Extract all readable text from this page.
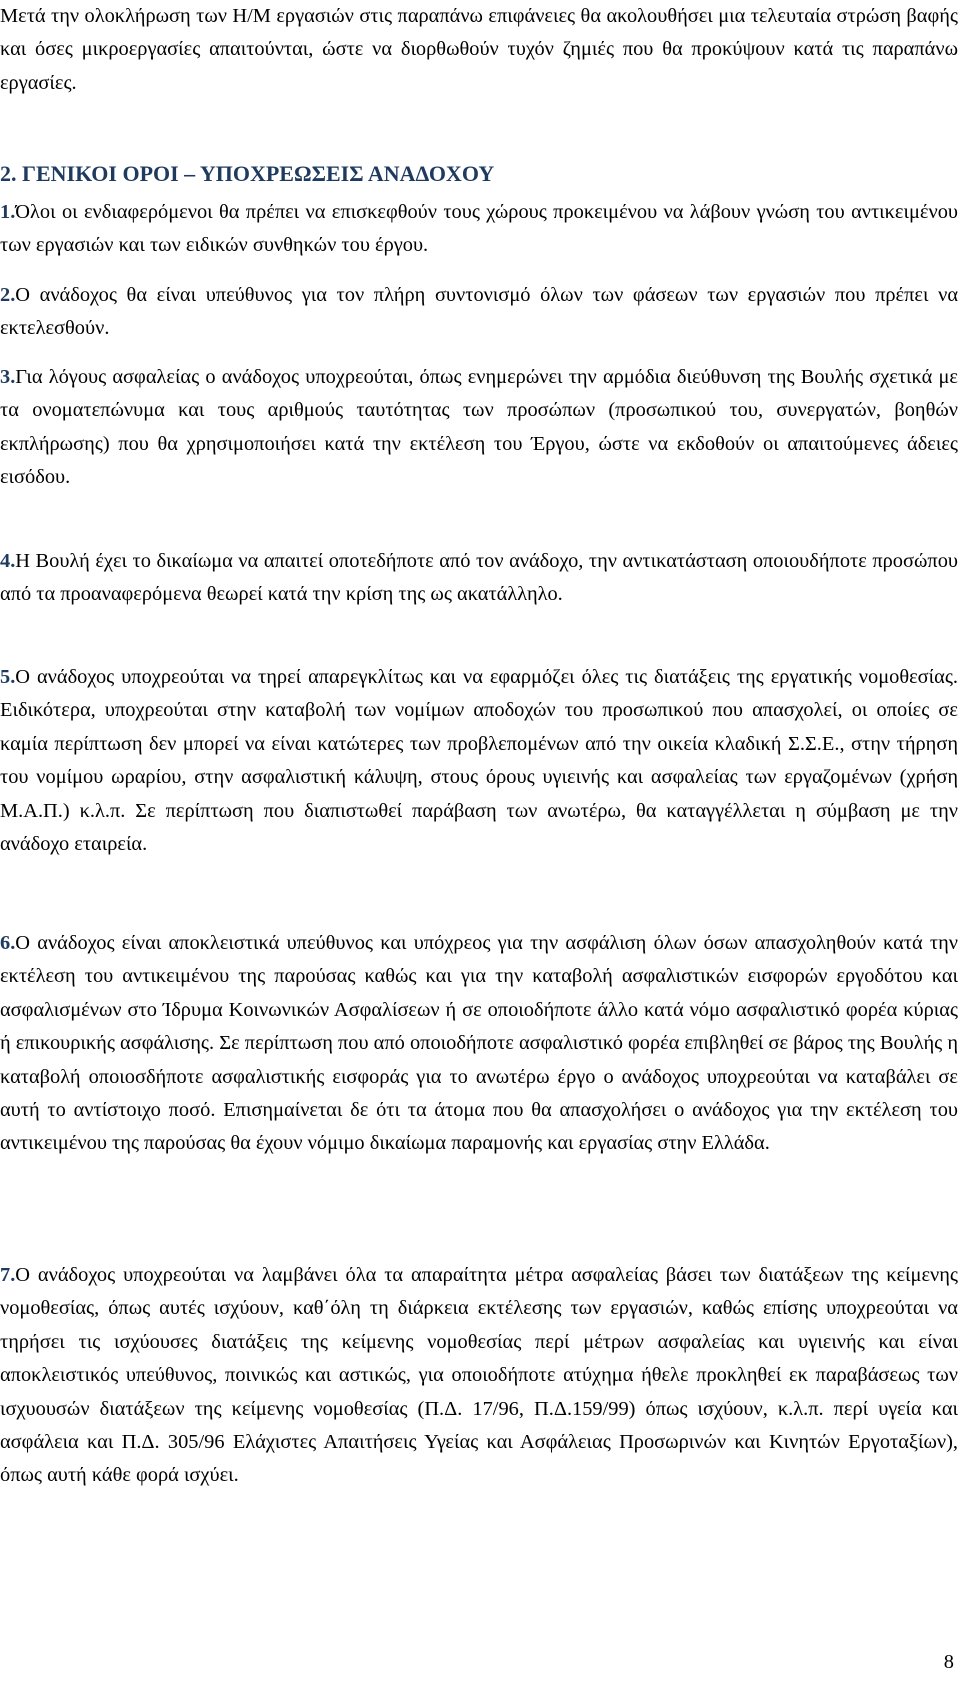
Μετά την ολοκλήρωση των Η/Μ εργασιών στις παραπάνω επιφάνειες θα ακολουθήσει μια τελευταία στρώση βαφής και όσες μικροεργασίες απαιτούνται, ώστε να διορθωθούν τυχόν ζημιές που θα προκύψουν κατά τις παραπάνω εργασίες.

2. ΓΕΝΙΚΟΙ ΟΡΟΙ – ΥΠΟΧΡΕΩΣΕΙΣ ΑΝΑΔΟΧΟΥ

1.Όλοι οι ενδιαφερόμενοι θα πρέπει να επισκεφθούν τους χώρους προκειμένου να λάβουν γνώση του αντικειμένου των εργασιών και των ειδικών συνθηκών του έργου.

2.Ο ανάδοχος θα είναι υπεύθυνος για τον πλήρη συντονισμό όλων των φάσεων των εργασιών που πρέπει να εκτελεσθούν.

3.Για λόγους ασφαλείας ο ανάδοχος υποχρεούται, όπως ενημερώνει την αρμόδια διεύθυνση της Βουλής σχετικά με τα ονοματεπώνυμα και τους αριθμούς ταυτότητας των προσώπων (προσωπικού του, συνεργατών, βοηθών εκπλήρωσης) που θα χρησιμοποιήσει κατά την εκτέλεση του Έργου, ώστε να εκδοθούν οι απαιτούμενες άδειες εισόδου.

4.Η Βουλή έχει το δικαίωμα να απαιτεί οποτεδήποτε από τον ανάδοχο, την αντικατάσταση οποιουδήποτε προσώπου από τα προαναφερόμενα θεωρεί κατά την κρίση της ως ακατάλληλο.

5.Ο ανάδοχος υποχρεούται να τηρεί απαρεγκλίτως και να εφαρμόζει όλες τις διατάξεις της εργατικής νομοθεσίας. Ειδικότερα, υποχρεούται στην καταβολή των νομίμων αποδοχών του προσωπικού που απασχολεί, οι οποίες σε καμία περίπτωση δεν μπορεί να είναι κατώτερες των προβλεπομένων από την οικεία κλαδική Σ.Σ.Ε., στην τήρηση του νομίμου ωραρίου, στην ασφαλιστική κάλυψη, στους όρους υγιεινής και ασφαλείας των εργαζομένων (χρήση Μ.Α.Π.) κ.λ.π. Σε περίπτωση που διαπιστωθεί παράβαση των ανωτέρω, θα καταγγέλλεται η σύμβαση με την ανάδοχο εταιρεία.

6.Ο ανάδοχος είναι αποκλειστικά υπεύθυνος και υπόχρεος για την ασφάλιση όλων όσων απασχοληθούν κατά την εκτέλεση του αντικειμένου της παρούσας καθώς και για την καταβολή ασφαλιστικών εισφορών εργοδότου και ασφαλισμένων στο Ίδρυμα Κοινωνικών Ασφαλίσεων ή σε οποιοδήποτε άλλο κατά νόμο ασφαλιστικό φορέα κύριας ή επικουρικής ασφάλισης. Σε περίπτωση που από οποιοδήποτε ασφαλιστικό φορέα επιβληθεί σε βάρος της Βουλής η καταβολή οποιοσδήποτε ασφαλιστικής εισφοράς για το ανωτέρω έργο ο ανάδοχος υποχρεούται να καταβάλει σε αυτή το αντίστοιχο ποσό. Επισημαίνεται δε ότι τα άτομα που θα απασχολήσει ο ανάδοχος για την εκτέλεση του αντικειμένου της παρούσας θα έχουν νόμιμο δικαίωμα παραμονής και εργασίας στην Ελλάδα.

7.Ο ανάδοχος υποχρεούται να λαμβάνει όλα τα απαραίτητα μέτρα ασφαλείας βάσει των διατάξεων της κείμενης νομοθεσίας, όπως αυτές ισχύουν, καθ΄όλη τη διάρκεια εκτέλεσης των εργασιών, καθώς επίσης υποχρεούται να τηρήσει τις ισχύουσες διατάξεις της κείμενης νομοθεσίας περί μέτρων ασφαλείας και υγιεινής και είναι αποκλειστικός υπεύθυνος, ποινικώς και αστικώς, για οποιοδήποτε ατύχημα ήθελε προκληθεί εκ παραβάσεως των ισχυουσών διατάξεων της κείμενης νομοθεσίας (Π.Δ. 17/96, Π.Δ.159/99) όπως ισχύουν, κ.λ.π. περί υγεία και ασφάλεια και Π.Δ. 305/96 Ελάχιστες Απαιτήσεις Υγείας και Ασφάλειας Προσωρινών και Κινητών Εργοταξίων), όπως αυτή κάθε φορά ισχύει.

8
